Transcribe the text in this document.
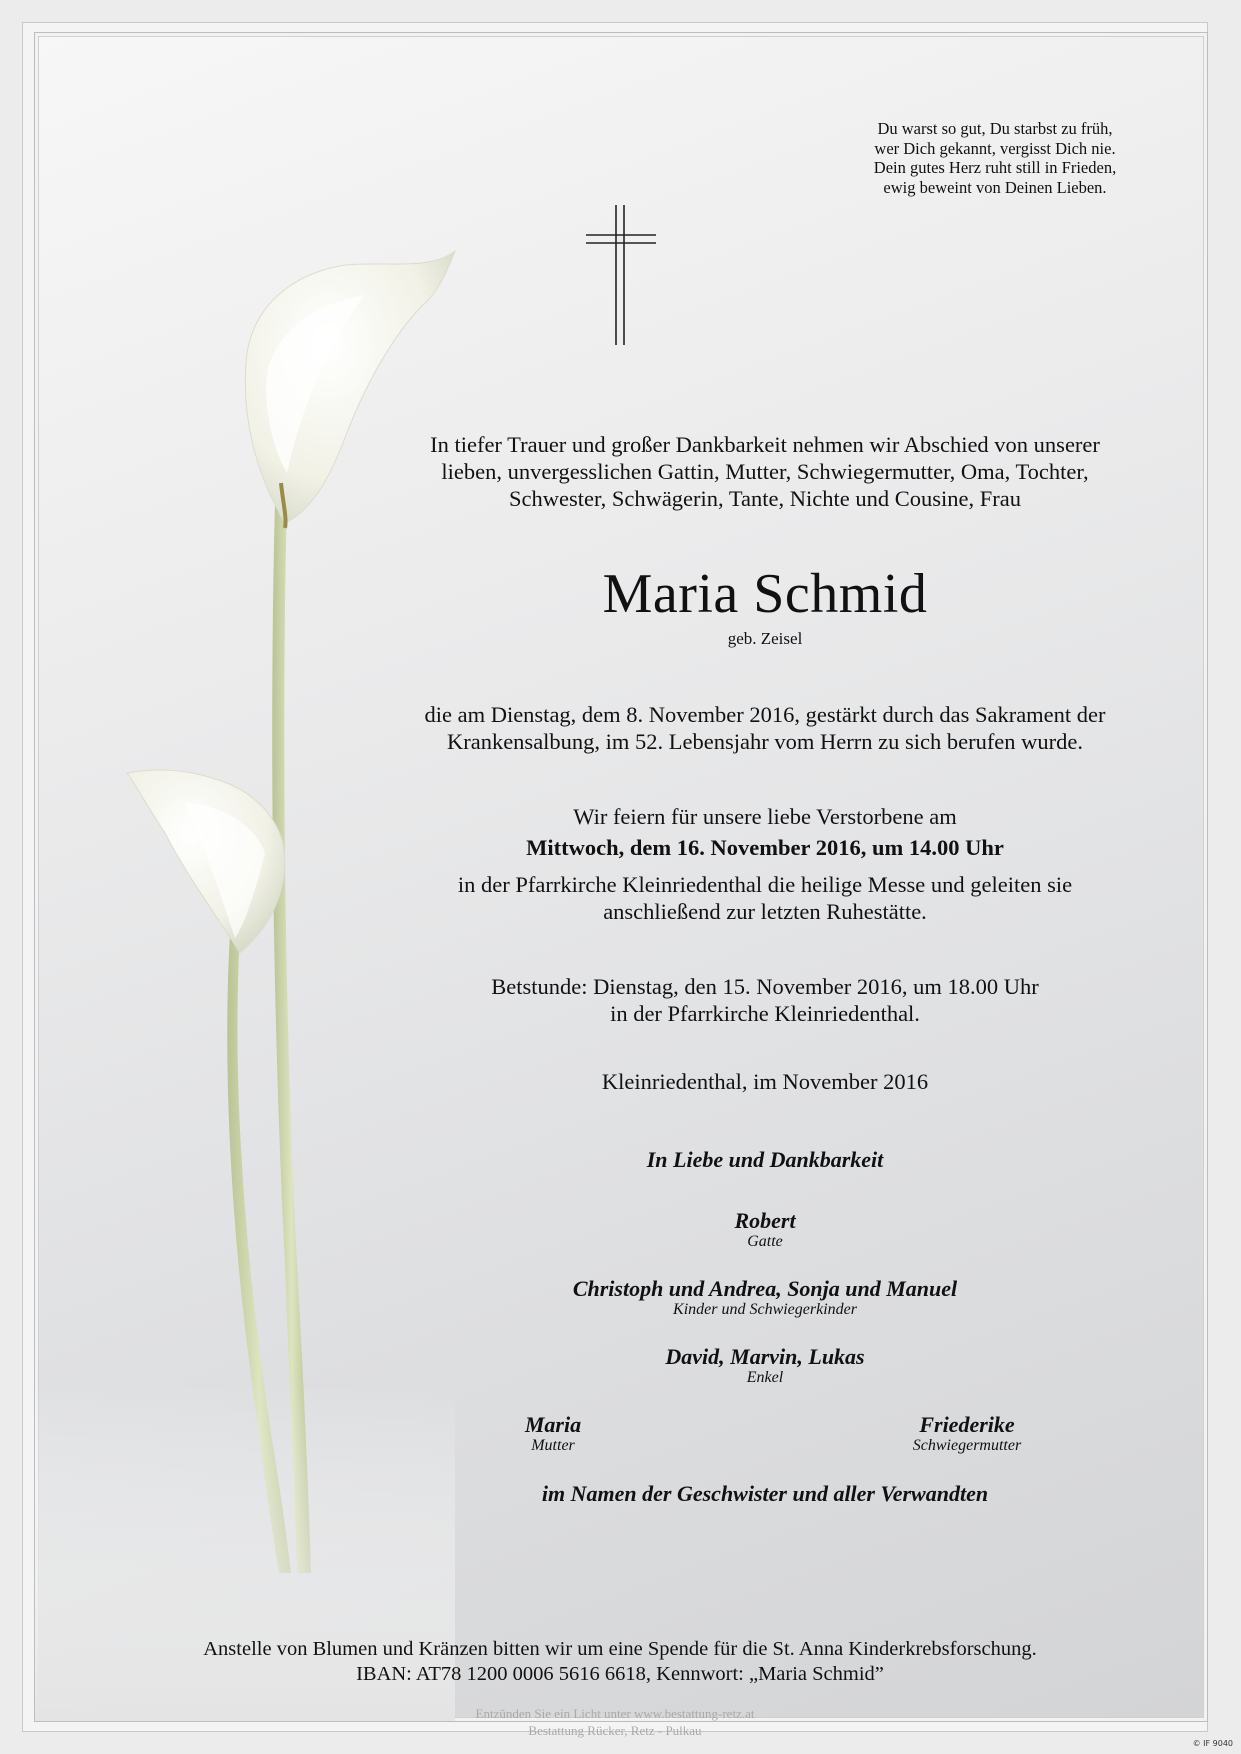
Du warst so gut, Du starbst zu früh,
wer Dich gekannt, vergisst Dich nie.
Dein gutes Herz ruht still in Frieden,
ewig beweint von Deinen Lieben.
In tiefer Trauer und großer Dankbarkeit nehmen wir Abschied von unserer
lieben, unvergesslichen Gattin, Mutter, Schwiegermutter, Oma, Tochter,
Schwester, Schwägerin, Tante, Nichte und Cousine, Frau
Maria Schmid
geb. Zeisel
die am Dienstag, dem 8. November 2016, gestärkt durch das Sakrament der
Krankensalbung, im 52. Lebensjahr vom Herrn zu sich berufen wurde.
Wir feiern für unsere liebe Verstorbene am
Mittwoch, dem 16. November 2016, um 14.00 Uhr
in der Pfarrkirche Kleinriedenthal die heilige Messe und geleiten sie
anschließend zur letzten Ruhestätte.
Betstunde: Dienstag, den 15. November 2016, um 18.00 Uhr
in der Pfarrkirche Kleinriedenthal.
Kleinriedenthal, im November 2016
In Liebe und Dankbarkeit
Robert
Gatte
Christoph und Andrea, Sonja und Manuel
Kinder und Schwiegerkinder
David, Marvin, Lukas
Enkel
Maria
Mutter
Friederike
Schwiegermutter
im Namen der Geschwister und aller Verwandten
Anstelle von Blumen und Kränzen bitten wir um eine Spende für die St. Anna Kinderkrebsforschung.
IBAN: AT78 1200 0006 5616 6618, Kennwort: „Maria Schmid”
Entzünden Sie ein Licht unter www.bestattung-retz.at
Bestattung Rücker, Retz - Pulkau
© IF 9040
